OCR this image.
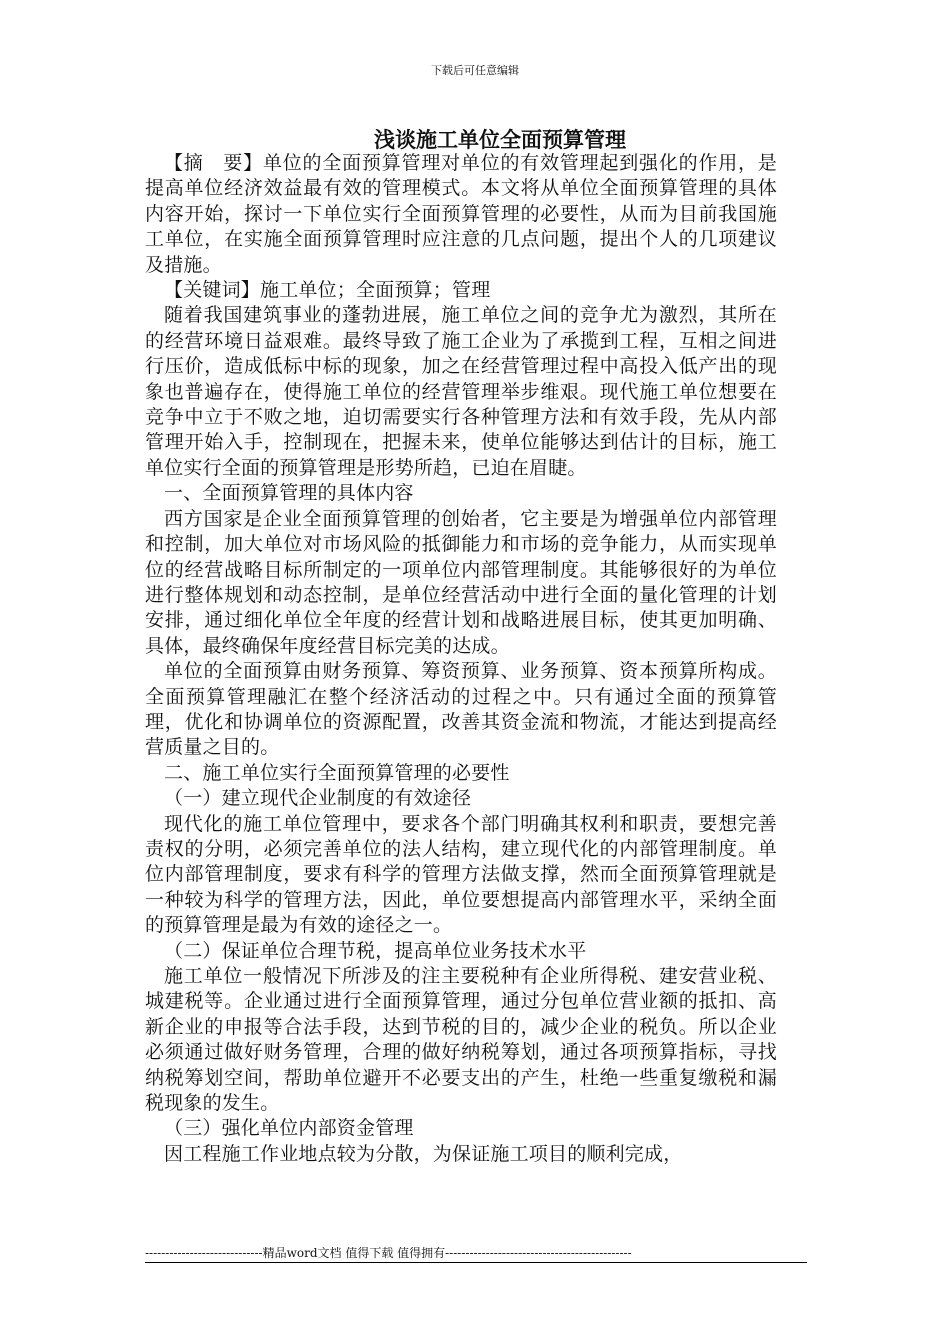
下载后可任意编辑
浅谈施工单位全面预算管理

【摘　要】单位的全面预算管理对单位的有效管理起到强化的作用，是提高单位经济效益最有效的管理模式。本文将从单位全面预算管理的具体内容开始，探讨一下单位实行全面预算管理的必要性，从而为目前我国施工单位，在实施全面预算管理时应注意的几点问题，提出个人的几项建议及措施。

【关键词】施工单位；全面预算；管理

随着我国建筑事业的蓬勃进展，施工单位之间的竞争尤为激烈，其所在的经营环境日益艰难。最终导致了施工企业为了承揽到工程，互相之间进行压价，造成低标中标的现象，加之在经营管理过程中高投入低产出的现象也普遍存在，使得施工单位的经营管理举步维艰。现代施工单位想要在竞争中立于不败之地，迫切需要实行各种管理方法和有效手段，先从内部管理开始入手，控制现在，把握未来，使单位能够达到估计的目标，施工单位实行全面的预算管理是形势所趋，已迫在眉睫。

一、全面预算管理的具体内容

西方国家是企业全面预算管理的创始者，它主要是为增强单位内部管理和控制，加大单位对市场风险的抵御能力和市场的竞争能力，从而实现单位的经营战略目标所制定的一项单位内部管理制度。其能够很好的为单位进行整体规划和动态控制，是单位经营活动中进行全面的量化管理的计划安排，通过细化单位全年度的经营计划和战略进展目标，使其更加明确、具体，最终确保年度经营目标完美的达成。

单位的全面预算由财务预算、筹资预算、业务预算、资本预算所构成。全面预算管理融汇在整个经济活动的过程之中。只有通过全面的预算管理，优化和协调单位的资源配置，改善其资金流和物流，才能达到提高经营质量之目的。

二、施工单位实行全面预算管理的必要性

（一）建立现代企业制度的有效途径

现代化的施工单位管理中，要求各个部门明确其权利和职责，要想完善责权的分明，必须完善单位的法人结构，建立现代化的内部管理制度。单位内部管理制度，要求有科学的管理方法做支撑，然而全面预算管理就是一种较为科学的管理方法，因此，单位要想提高内部管理水平，采纳全面的预算管理是最为有效的途径之一。

（二）保证单位合理节税，提高单位业务技术水平

施工单位一般情况下所涉及的注主要税种有企业所得税、建安营业税、城建税等。企业通过进行全面预算管理，通过分包单位营业额的抵扣、高新企业的申报等合法手段，达到节税的目的，减少企业的税负。所以企业必须通过做好财务管理，合理的做好纳税筹划，通过各项预算指标，寻找纳税筹划空间，帮助单位避开不必要支出的产生，杜绝一些重复缴税和漏税现象的发生。

（三）强化单位内部资金管理

因工程施工作业地点较为分散，为保证施工项目的顺利完成，

-----------------------------精品word文档 值得下载 值得拥有----------------------------------------------
